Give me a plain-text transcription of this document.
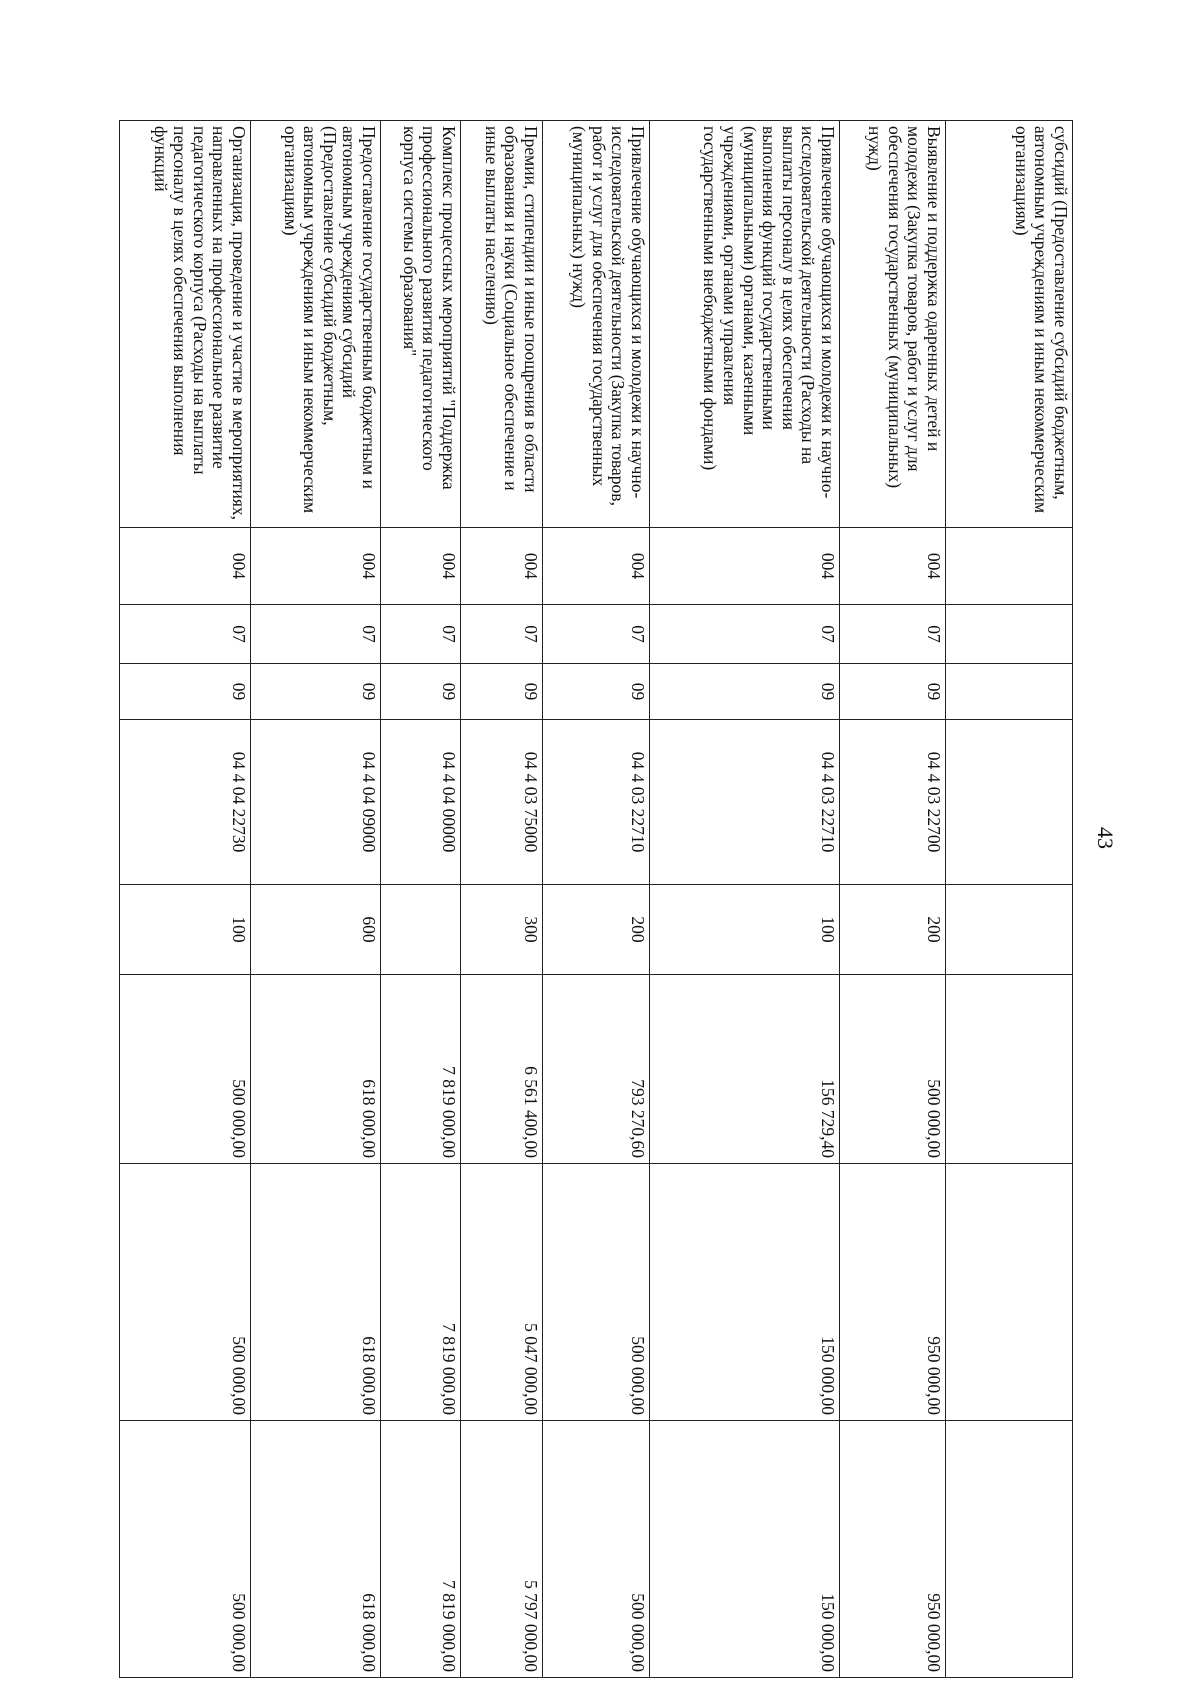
43
субсидий (Предоставление субсидий бюджетным, автономным учреждениям и иным некоммерческим организациям)								
Выявление и поддержка одаренных детей и молодежи (Закупка товаров, работ и услуг для обеспечения государственных (муниципальных) нужд)	004	07	09	04 4 03 22700	200	500 000,00	950 000,00	950 000,00
Привлечение обучающихся и молодежи к научно-исследовательской деятельности (Расходы на выплаты персоналу в целях обеспечения выполнения функций государственными (муниципальными) органами, казенными учреждениями, органами управления государственными внебюджетными фондами)	004	07	09	04 4 03 22710	100	156 729,40	150 000,00	150 000,00
Привлечение обучающихся и молодежи к научно-исследовательской деятельности (Закупка товаров, работ и услуг для обеспечения государственных (муниципальных) нужд)	004	07	09	04 4 03 22710	200	793 270,60	500 000,00	500 000,00
Премии, стипендии и иные поощрения в области образования и науки (Социальное обеспечение и иные выплаты населению)	004	07	09	04 4 03 75000	300	6 561 400,00	5 047 000,00	5 797 000,00
Комплекс процессных мероприятий "Поддержка профессионального развития педагогического корпуса системы образования"	004	07	09	04 4 04 00000		7 819 000,00	7 819 000,00	7 819 000,00
Предоставление государственным бюджетным и автономным учреждениям субсидий (Предоставление субсидий бюджетным, автономным учреждениям и иным некоммерческим организациям)	004	07	09	04 4 04 09000	600	618 000,00	618 000,00	618 000,00
Организация, проведение и участие в мероприятиях, направленных на профессиональное развитие педагогического корпуса (Расходы на выплаты персоналу в целях обеспечения выполнения функций	004	07	09	04 4 04 22730	100	500 000,00	500 000,00	500 000,00
